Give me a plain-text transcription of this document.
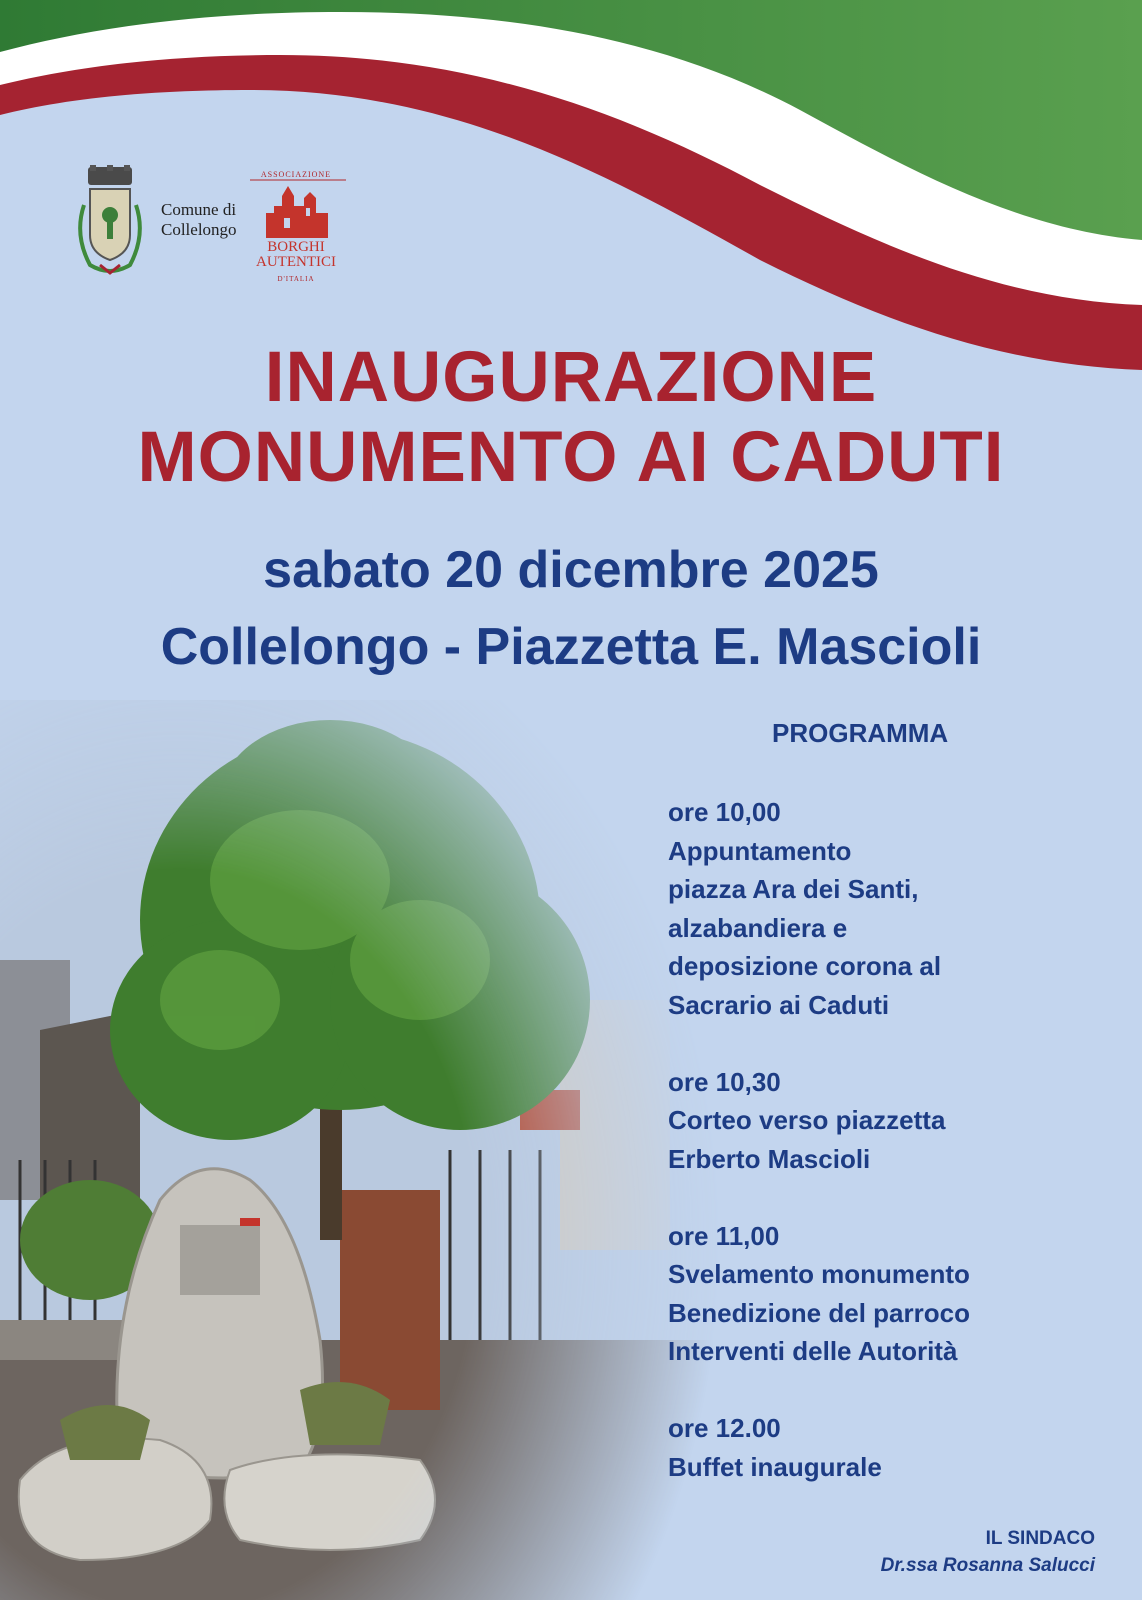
Comune di
Collelongo
ASSOCIAZIONE
BORGHI
AUTENTICI
D'ITALIA
INAUGURAZIONE
MONUMENTO AI CADUTI
sabato 20 dicembre 2025
Collelongo - Piazzetta E. Mascioli
PROGRAMMA
ore 10,00
Appuntamento
piazza Ara dei Santi,
alzabandiera e
deposizione corona al
Sacrario ai Caduti
ore 10,30
Corteo verso piazzetta
Erberto Mascioli
ore 11,00
Svelamento monumento
Benedizione del parroco
Interventi delle Autorità
ore 12.00
Buffet inaugurale
IL SINDACO
Dr.ssa Rosanna Salucci
